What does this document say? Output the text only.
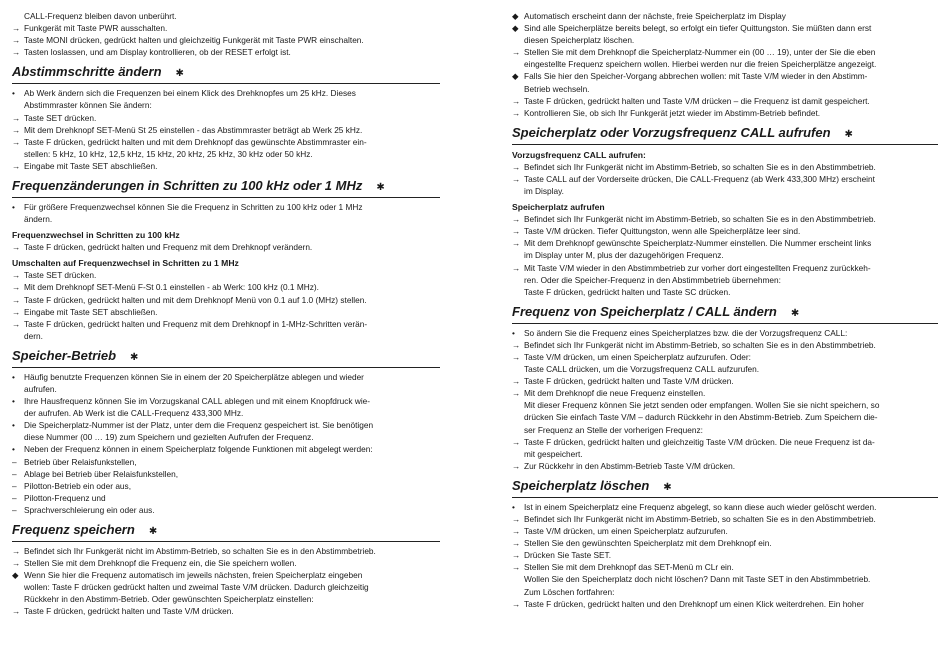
CALL-Frequenz bleiben davon unberührt.
→ Funkgerät mit Taste PWR ausschalten.
→ Taste MONI drücken, gedrückt halten und gleichzeitig Funkgerät mit Taste PWR einschalten.
→ Tasten loslassen, und am Display kontrollieren, ob der RESET erfolgt ist.
Abstimmschritte ändern ✱
•	Ab Werk ändern sich die Frequenzen bei einem Klick des Drehknopfes um 25 kHz. Dieses
Abstimmraster können Sie ändern:
→ Taste SET drücken.
→ Mit dem Drehknopf SET-Menü St 25 einstellen - das Abstimmraster beträgt ab Werk 25 kHz.
→ Taste F drücken, gedrückt halten und mit dem Drehknopf das gewünschte Abstimmraster ein-
stellen: 5 kHz, 10 kHz, 12,5 kHz, 15 kHz, 20 kHz, 25 kHz, 30 kHz oder 50 kHz.
→ Eingabe mit Taste SET abschließen.
Frequenzänderungen in Schritten zu 100 kHz oder 1 MHz ✱
•	Für größere Frequenzwechsel können Sie die Frequenz in Schritten zu 100 kHz oder 1 MHz
ändern.
Frequenzwechsel in Schritten zu 100 kHz
→ Taste F drücken, gedrückt halten und Frequenz mit dem Drehknopf verändern.
Umschalten auf Frequenzwechsel in Schritten zu 1 MHz
→ Taste SET drücken.
→ Mit dem Drehknopf SET-Menü F-St 0.1 einstellen - ab Werk: 100 kHz (0.1 MHz).
→ Taste F drücken, gedrückt halten und mit dem Drehknopf Menü von 0.1 auf 1.0 (MHz) stellen.
→ Eingabe mit Taste SET abschließen.
→ Taste F drücken, gedrückt halten und Frequenz mit dem Drehknopf in 1-MHz-Schritten verän-
dern.
Speicher-Betrieb ✱
•	Häufig benutzte Frequenzen können Sie in einem der 20 Speicherplätze ablegen und wieder
aufrufen.
•	Ihre Hausfrequenz können Sie im Vorzugskanal CALL ablegen und mit einem Knopfdruck wie-
der aufrufen. Ab Werk ist die CALL-Frequenz 433,300 MHz.
•	Die Speicherplatz-Nummer ist der Platz, unter dem die Frequenz gespeichert ist. Sie benötigen
diese Nummer (00 … 19) zum Speichern und gezielten Aufrufen der Frequenz.
•	Neben der Frequenz können in einem Speicherplatz folgende Funktionen mit abgelegt werden:
– Betrieb über Relaisfunkstellen,
– Ablage bei Betrieb über Relaisfunkstellen,
– Pilotton-Betrieb ein oder aus,
– Pilotton-Frequenz und
– Sprachverschleierung ein oder aus.
Frequenz speichern ✱
→ Befindet sich Ihr Funkgerät nicht im Abstimm-Betrieb, so schalten Sie es in den Abstimmbetrieb.
→ Stellen Sie mit dem Drehknopf die Frequenz ein, die Sie speichern wollen.
◆ Wenn Sie hier die Frequenz automatisch im jeweils nächsten, freien Speicherplatz eingeben
wollen: Taste F drücken gedrückt halten und zweimal Taste V/M drücken. Dadurch gleichzeitig
Rückkehr in den Abstimm-Betrieb. Oder gewünschten Speicherplatz einstellen:
→ Taste F drücken, gedrückt halten und Taste V/M drücken.
◆ Automatisch erscheint dann der nächste, freie Speicherplatz im Display
◆ Sind alle Speicherplätze bereits belegt, so erfolgt ein tiefer Quittungston. Sie müßten dann erst
diesen Speicherplatz löschen.
→ Stellen Sie mit dem Drehknopf die Speicherplatz-Nummer ein (00 … 19), unter der Sie die eben
eingestellte Frequenz speichern wollen. Hierbei werden nur die freien Speicherplätze angezeigt.
◆ Falls Sie hier den Speicher-Vorgang abbrechen wollen: mit Taste V/M wieder in den Abstimm-
Betrieb wechseln.
→ Taste F drücken, gedrückt halten und Taste V/M drücken – die Frequenz ist damit gespeichert.
→ Kontrollieren Sie, ob sich Ihr Funkgerät jetzt wieder im Abstimm-Betrieb befindet.
Speicherplatz oder Vorzugsfrequenz CALL aufrufen ✱
Vorzugsfrequenz CALL aufrufen:
→ Befindet sich Ihr Funkgerät nicht im Abstimm-Betrieb, so schalten Sie es in den Abstimmbetrieb.
→ Taste CALL auf der Vorderseite drücken, Die CALL-Frequenz (ab Werk 433,300 MHz) erscheint
im Display.
Speicherplatz aufrufen
→ Befindet sich Ihr Funkgerät nicht im Abstimm-Betrieb, so schalten Sie es in den Abstimmbetrieb.
→ Taste V/M drücken. Tiefer Quittungston, wenn alle Speicherplätze leer sind.
→ Mit dem Drehknopf gewünschte Speicherplatz-Nummer einstellen. Die Nummer erscheint links
im Display unter M, plus der dazugehörigen Frequenz.
→ Mit Taste V/M wieder in den Abstimmbetrieb zur vorher dort eingestellten Frequenz zurückkeh-
ren. Oder die Speicher-Frequenz in den Abstimmbetrieb übernehmen:
Taste F drücken, gedrückt halten und Taste SC drücken.
Frequenz von Speicherplatz / CALL ändern ✱
•	So ändern Sie die Frequenz eines Speicherplatzes bzw. die der Vorzugsfrequenz CALL:
→ Befindet sich Ihr Funkgerät nicht im Abstimm-Betrieb, so schalten Sie es in den Abstimmbetrieb.
→ Taste V/M drücken, um einen Speicherplatz aufzurufen. Oder:
Taste CALL drücken, um die Vorzugsfrequenz CALL aufzurufen.
→ Taste F drücken, gedrückt halten und Taste V/M drücken.
→ Mit dem Drehknopf die neue Frequenz einstellen.
Mit dieser Frequenz können Sie jetzt senden oder empfangen. Wollen Sie sie nicht speichern, so
drücken Sie einfach Taste V/M – dadurch Rückkehr in den Abstimm-Betrieb. Zum Speichern die-
ser Frequenz an Stelle der vorherigen Frequenz:
→ Taste F drücken, gedrückt halten und gleichzeitig Taste V/M drücken. Die neue Frequenz ist da-
mit gespeichert.
→ Zur Rückkehr in den Abstimm-Betrieb Taste V/M drücken.
Speicherplatz löschen ✱
•	Ist in einem Speicherplatz eine Frequenz abgelegt, so kann diese auch wieder gelöscht werden.
→ Befindet sich Ihr Funkgerät nicht im Abstimm-Betrieb, so schalten Sie es in den Abstimmbetrieb.
→ Taste V/M drücken, um einen Speicherplatz aufzurufen.
→ Stellen Sie den gewünschten Speicherplatz mit dem Drehknopf ein.
→ Drücken Sie Taste SET.
→ Stellen Sie mit dem Drehknopf das SET-Menü m CLr ein.
Wollen Sie den Speicherplatz doch nicht löschen? Dann mit Taste SET in den Abstimmbetrieb.
Zum Löschen fortfahren:
→ Taste F drücken, gedrückt halten und den Drehknopf um einen Klick weiterdrehen. Ein hoher
